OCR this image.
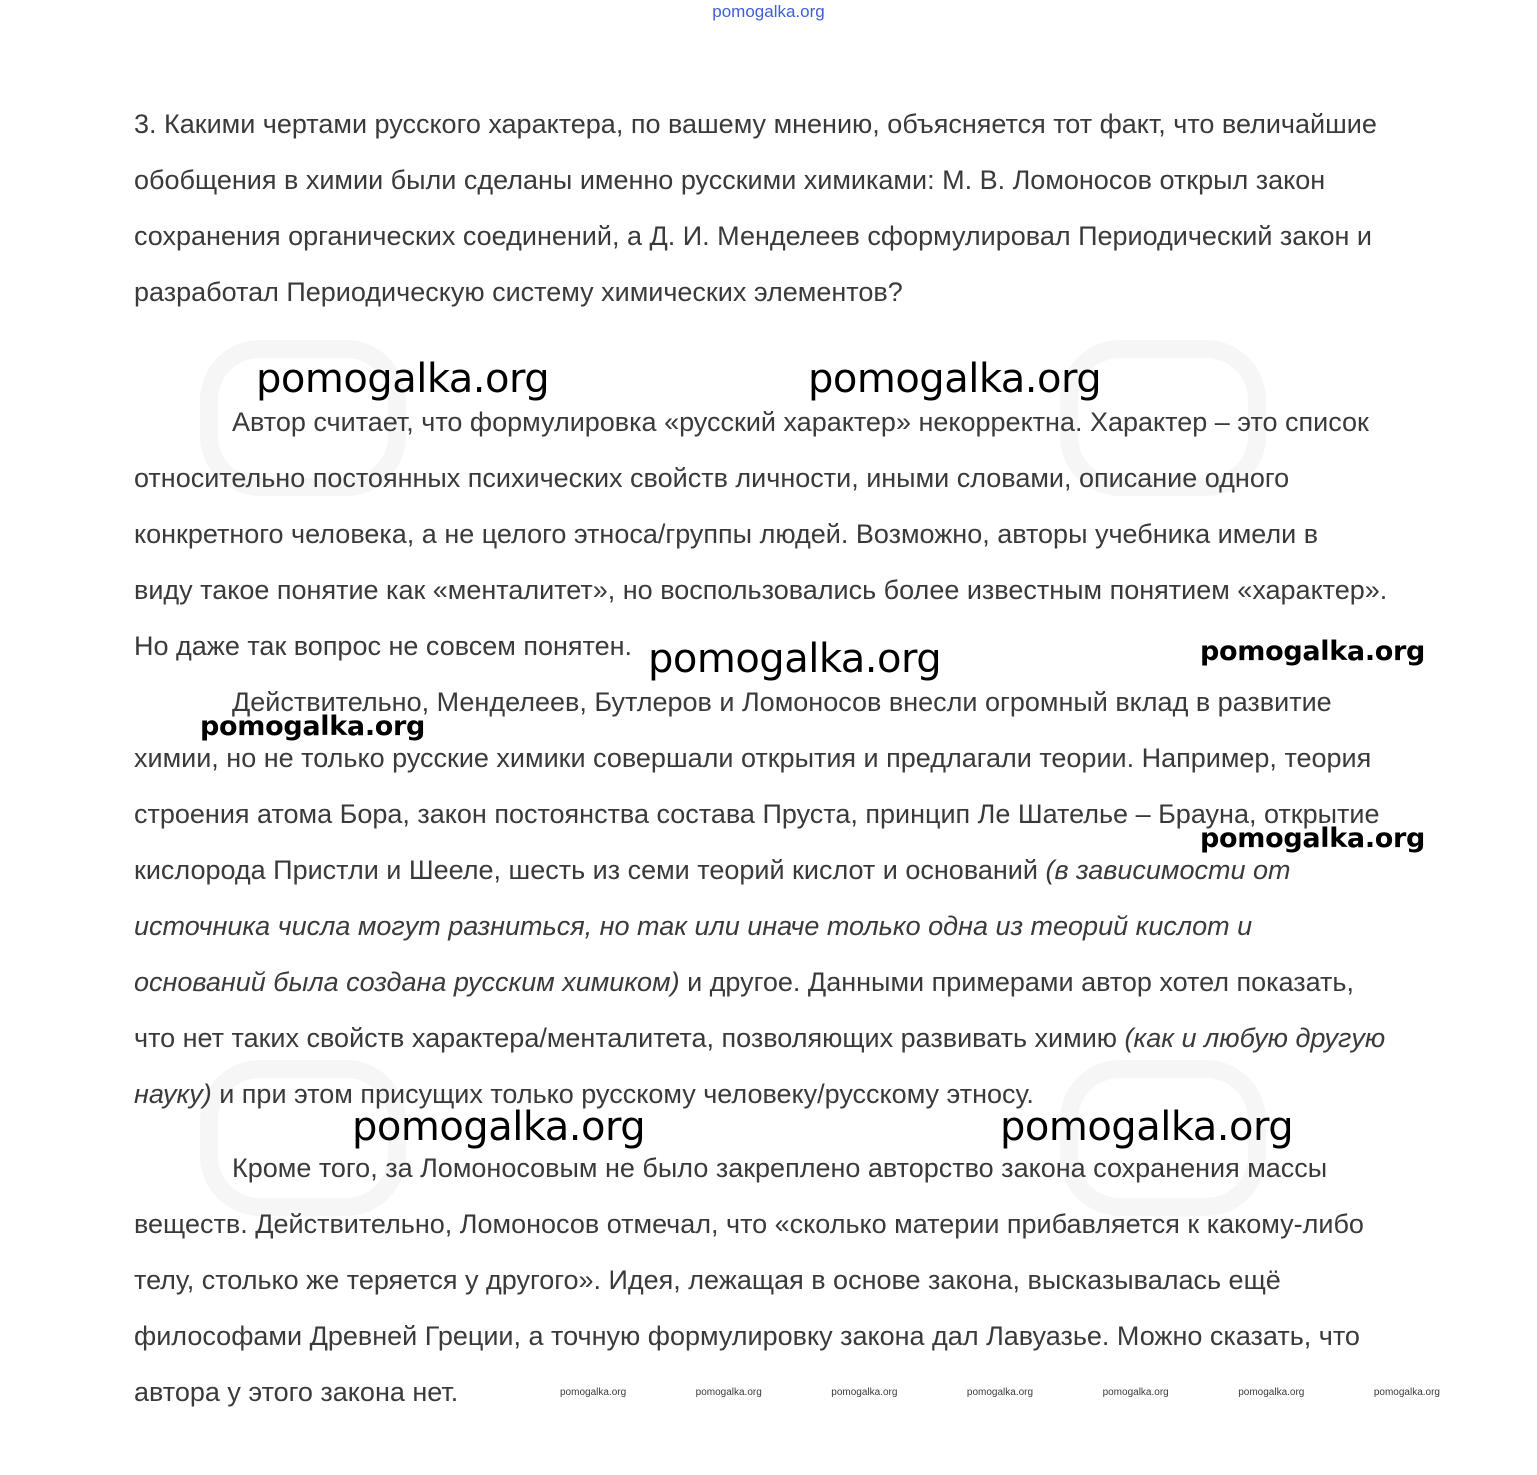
pomogalka.org
3. Какими чертами русского характера, по вашему мнению, объясняется тот факт, что величайшие
обобщения в химии были сделаны именно русскими химиками: М. В. Ломоносов открыл закон
сохранения органических соединений, а Д. И. Менделеев сформулировал Периодический закон и
разработал Периодическую систему химических элементов?
Автор считает, что формулировка «русский характер» некорректна. Характер – это список
относительно постоянных психических свойств личности, иными словами, описание одного
конкретного человека, а не целого этноса/группы людей. Возможно, авторы учебника имели в
виду такое понятие как «менталитет», но воспользовались более известным понятием «характер».
Но даже так вопрос не совсем понятен.
Действительно, Менделеев, Бутлеров и Ломоносов внесли огромный вклад в развитие
химии, но не только русские химики совершали открытия и предлагали теории. Например, теория
строения атома Бора, закон постоянства состава Пруста, принцип Ле Шателье – Брауна, открытие
кислорода Пристли и Шееле, шесть из семи теорий кислот и оснований (в зависимости от
источника числа могут разниться, но так или иначе только одна из теорий кислот и
оснований была создана русским химиком) и другое. Данными примерами автор хотел показать,
что нет таких свойств характера/менталитета, позволяющих развивать химию (как и любую другую
науку) и при этом присущих только русскому человеку/русскому этносу.
Кроме того, за Ломоносовым не было закреплено авторство закона сохранения массы
веществ. Действительно, Ломоносов отмечал, что «сколько материи прибавляется к какому-либо
телу, столько же теряется у другого». Идея, лежащая в основе закона, высказывалась ещё
философами Древней Греции, а точную формулировку закона дал Лавуазье. Можно сказать, что
автора у этого закона нет.
pomogalka.org	pomogalka.org
pomogalka.org	pomogalka.org
pomogalka.org
pomogalka.org
pomogalka.org	pomogalka.org
pomogalka.org	pomogalka.org	pomogalka.org	pomogalka.org	pomogalka.org	pomogalka.org	pomogalka.org
